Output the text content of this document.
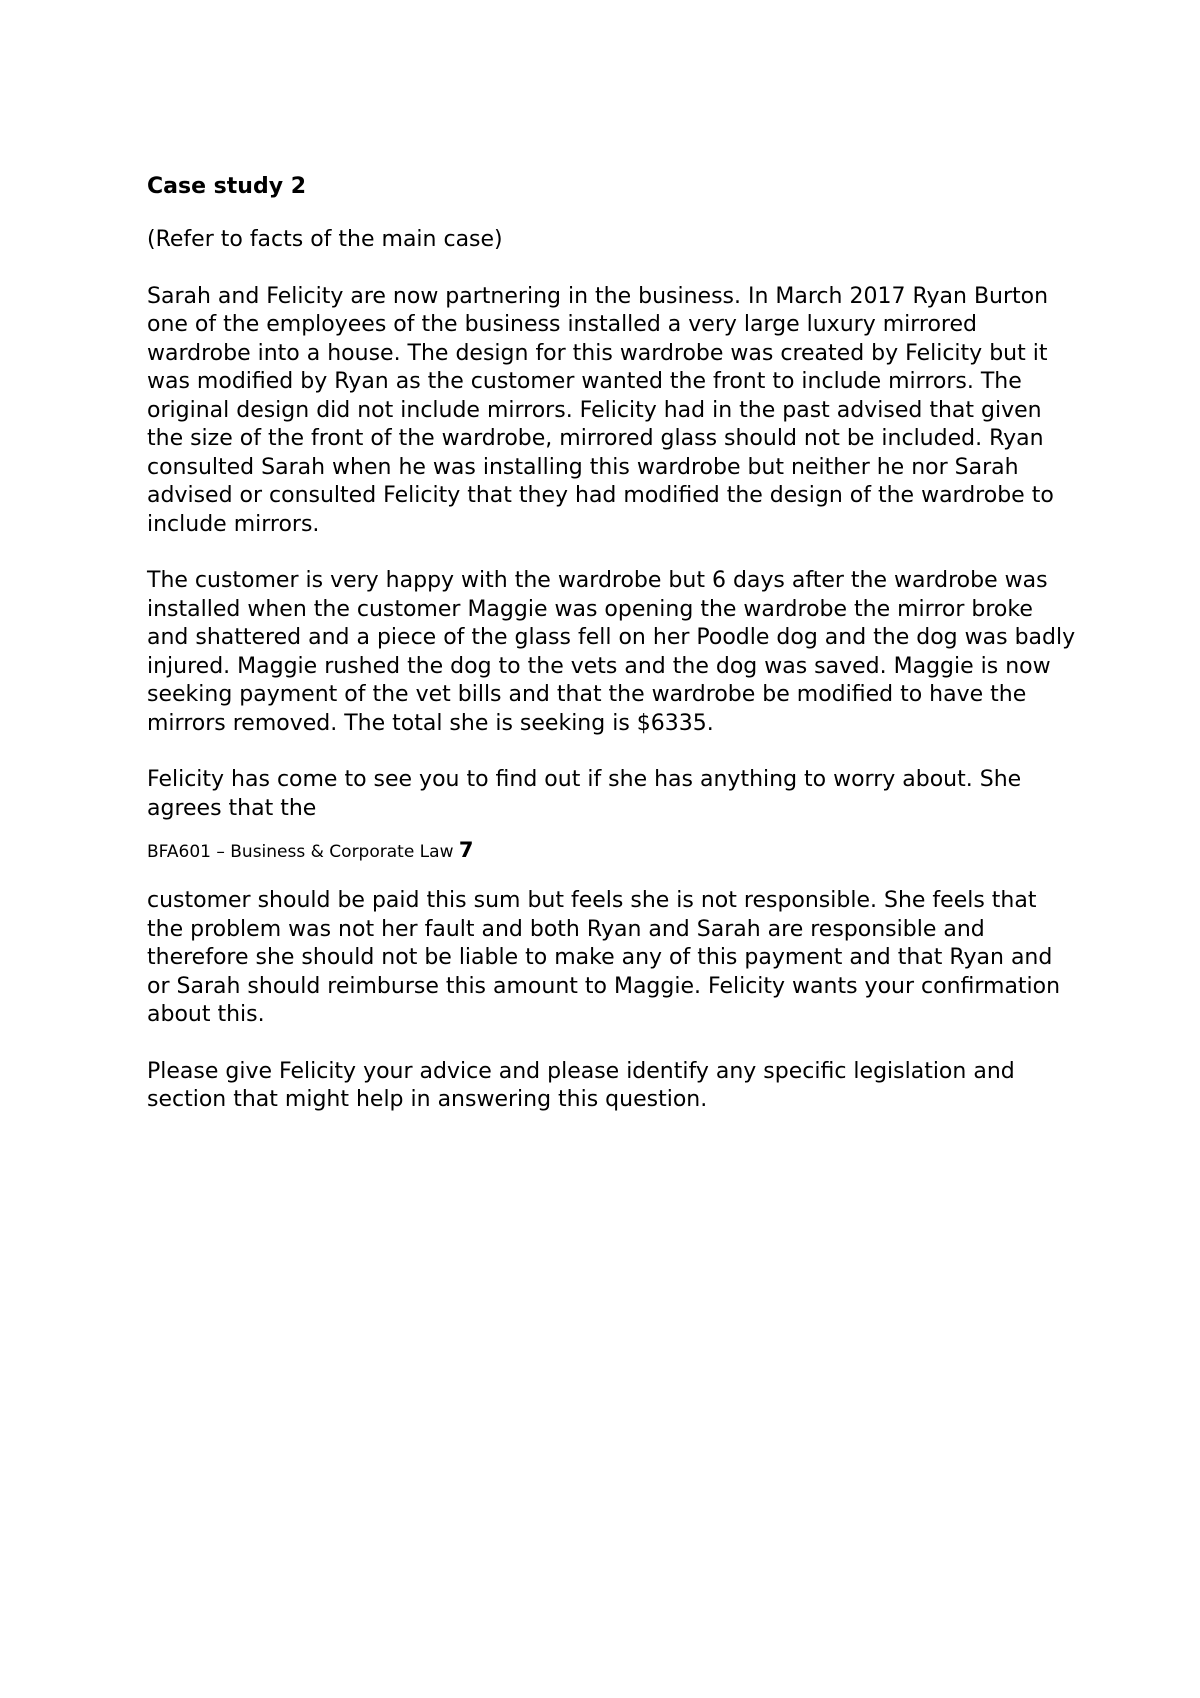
Case study 2

(Refer to facts of the main case)

Sarah and Felicity are now partnering in the business. In March 2017 Ryan Burton one of the employees of the business installed a very large luxury mirrored wardrobe into a house. The design for this wardrobe was created by Felicity but it was modified by Ryan as the customer wanted the front to include mirrors. The original design did not include mirrors. Felicity had in the past advised that given the size of the front of the wardrobe, mirrored glass should not be included. Ryan consulted Sarah when he was installing this wardrobe but neither he nor Sarah advised or consulted Felicity that they had modified the design of the wardrobe to include mirrors.

The customer is very happy with the wardrobe but 6 days after the wardrobe was installed when the customer Maggie was opening the wardrobe the mirror broke and shattered and a piece of the glass fell on her Poodle dog and the dog was badly injured. Maggie rushed the dog to the vets and the dog was saved. Maggie is now seeking payment of the vet bills and that the wardrobe be modified to have the mirrors removed. The total she is seeking is $6335.

Felicity has come to see you to find out if she has anything to worry about. She agrees that the

BFA601 – Business & Corporate Law 7

customer should be paid this sum but feels she is not responsible. She feels that the problem was not her fault and both Ryan and Sarah are responsible and therefore she should not be liable to make any of this payment and that Ryan and or Sarah should reimburse this amount to Maggie. Felicity wants your confirmation about this.

Please give Felicity your advice and please identify any specific legislation and section that might help in answering this question.
